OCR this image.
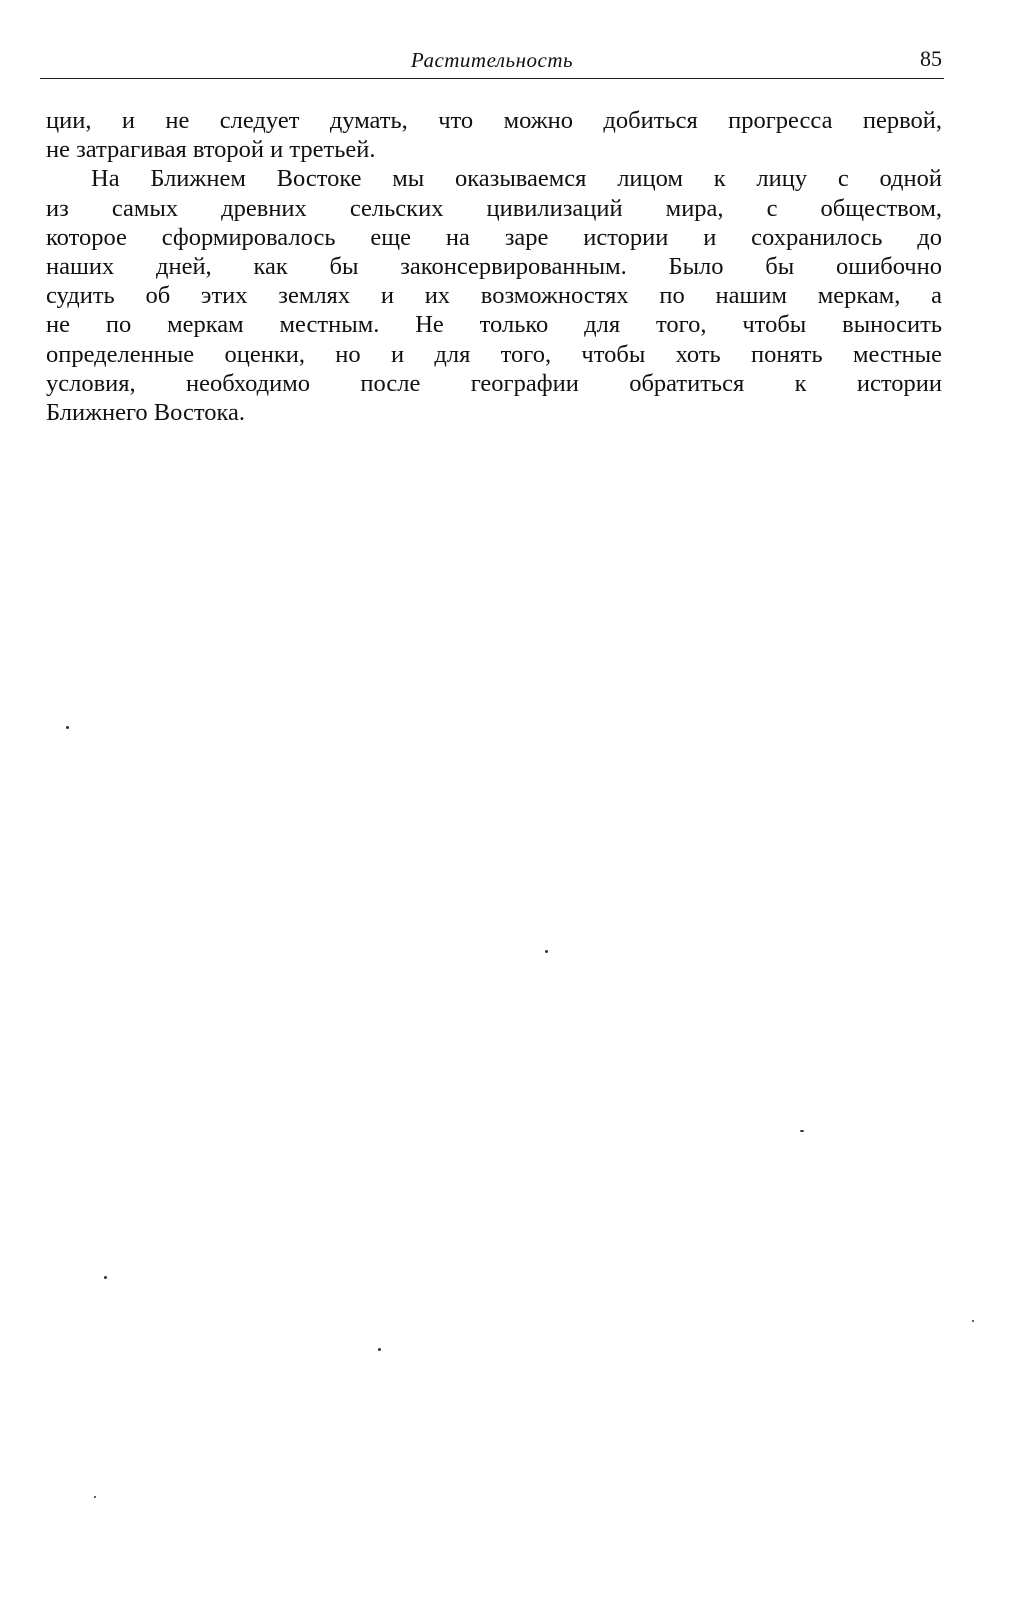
Растительность	85
ции, и не следует думать, что можно добиться прогресса первой,
не затрагивая второй и третьей.
На Ближнем Востоке мы оказываемся лицом к лицу с одной
из самых древних сельских цивилизаций мира, с обществом,
которое сформировалось еще на заре истории и сохранилось до
наших дней, как бы законсервированным. Было бы ошибочно
судить об этих землях и их возможностях по нашим меркам, а
не по меркам местным. Не только для того, чтобы выносить
определенные оценки, но и для того, чтобы хоть понять местные
условия, необходимо после географии обратиться к истории
Ближнего Востока.
